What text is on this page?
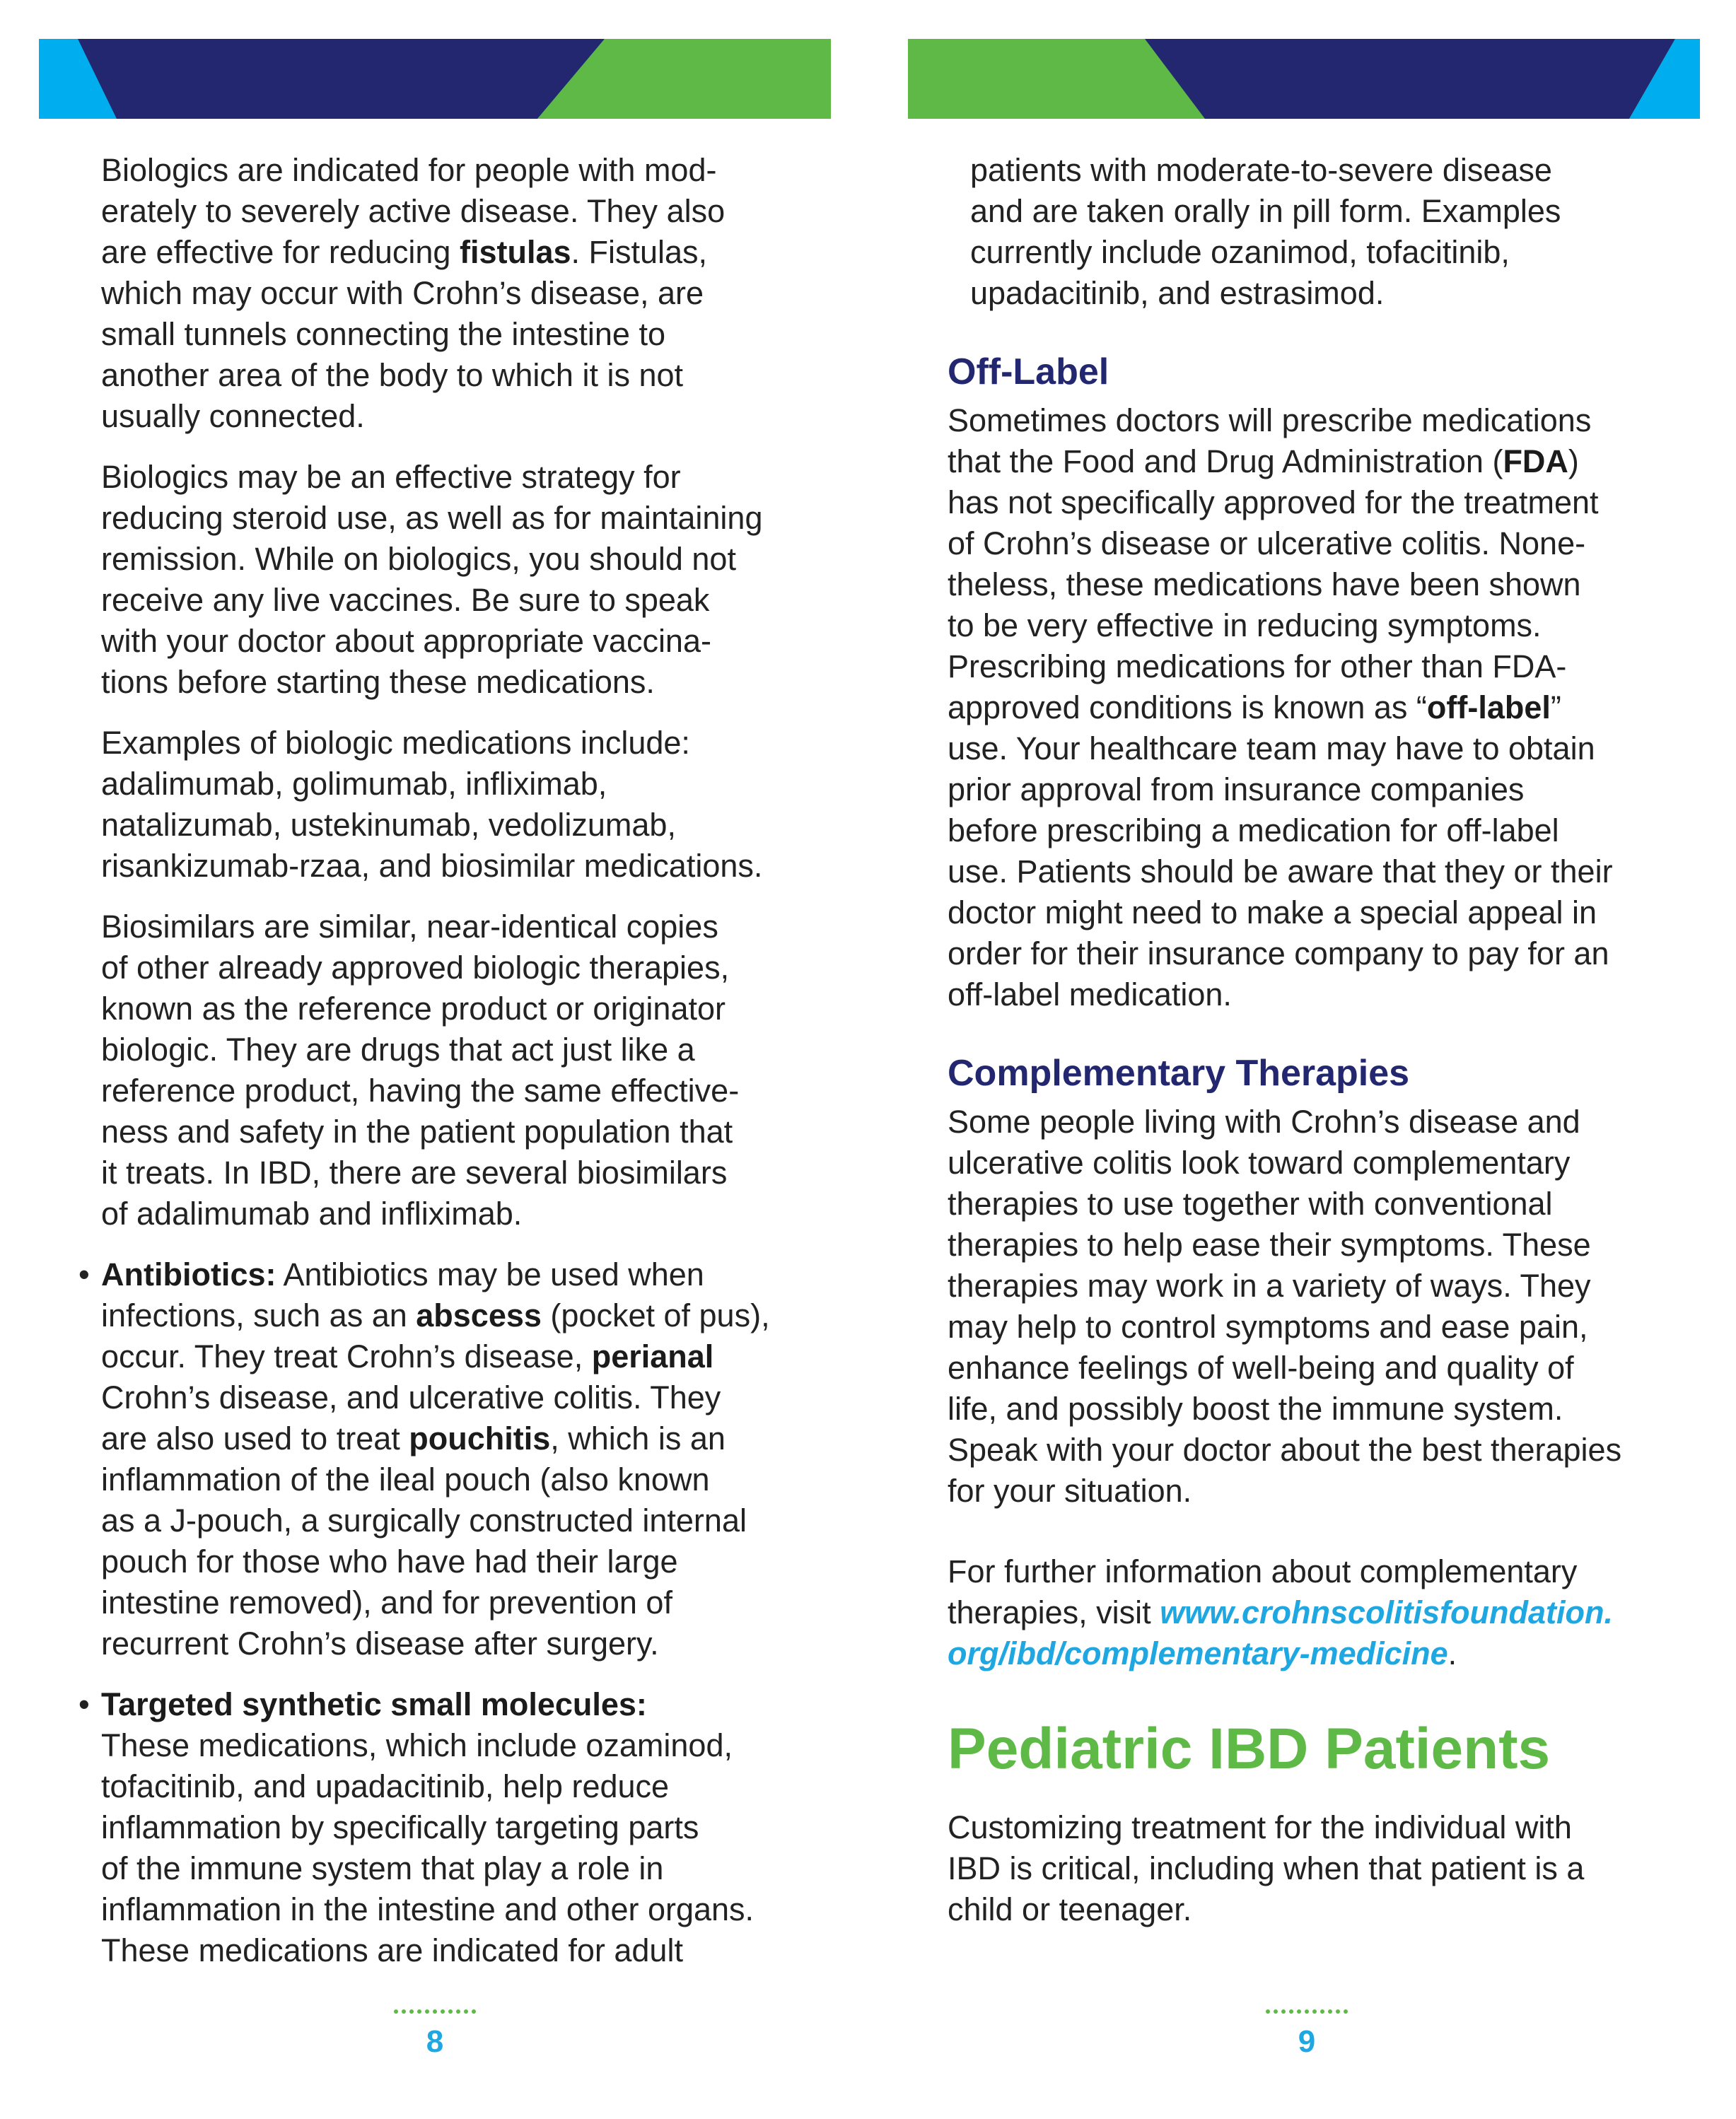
Biologics are indicated for people with mod-
erately to severely active disease. They also
are effective for reducing fistulas. Fistulas,
which may occur with Crohn’s disease, are
small tunnels connecting the intestine to
another area of the body to which it is not
usually connected.

Biologics may be an effective strategy for
reducing steroid use, as well as for maintaining
remission. While on biologics, you should not
receive any live vaccines. Be sure to speak
with your doctor about appropriate vaccina-
tions before starting these medications.

Examples of biologic medications include:
adalimumab, golimumab, infliximab,
natalizumab, ustekinumab, vedolizumab,
risankizumab-rzaa, and biosimilar medications.

Biosimilars are similar, near-identical copies
of other already approved biologic therapies,
known as the reference product or originator
biologic. They are drugs that act just like a
reference product, having the same effective-
ness and safety in the patient population that
it treats. In IBD, there are several biosimilars
of adalimumab and infliximab.

• Antibiotics: Antibiotics may be used when
infections, such as an abscess (pocket of pus),
occur. They treat Crohn’s disease, perianal
Crohn’s disease, and ulcerative colitis. They
are also used to treat pouchitis, which is an
inflammation of the ileal pouch (also known
as a J-pouch, a surgically constructed internal
pouch for those who have had their large
intestine removed), and for prevention of
recurrent Crohn’s disease after surgery.
• Targeted synthetic small molecules:
These medications, which include ozaminod,
tofacitinib, and upadacitinib, help reduce
inflammation by specifically targeting parts
of the immune system that play a role in
inflammation in the intestine and other organs.
These medications are indicated for adult
8

patients with moderate-to-severe disease
and are taken orally in pill form. Examples
currently include ozanimod, tofacitinib,
upadacitinib, and estrasimod.

Off-Label

Sometimes doctors will prescribe medications
that the Food and Drug Administration (FDA)
has not specifically approved for the treatment
of Crohn’s disease or ulcerative colitis. None-
theless, these medications have been shown
to be very effective in reducing symptoms.
Prescribing medications for other than FDA-
approved conditions is known as “off-label”
use. Your healthcare team may have to obtain
prior approval from insurance companies
before prescribing a medication for off-label
use. Patients should be aware that they or their
doctor might need to make a special appeal in
order for their insurance company to pay for an
off-label medication.

Complementary Therapies

Some people living with Crohn’s disease and
ulcerative colitis look toward complementary
therapies to use together with conventional
therapies to help ease their symptoms. These
therapies may work in a variety of ways. They
may help to control symptoms and ease pain,
enhance feelings of well-being and quality of
life, and possibly boost the immune system.
Speak with your doctor about the best therapies
for your situation.

For further information about complementary
therapies, visit www.crohnscolitisfoundation.
org/ibd/complementary-medicine.

Pediatric IBD Patients

Customizing treatment for the individual with
IBD is critical, including when that patient is a
child or teenager.

9
